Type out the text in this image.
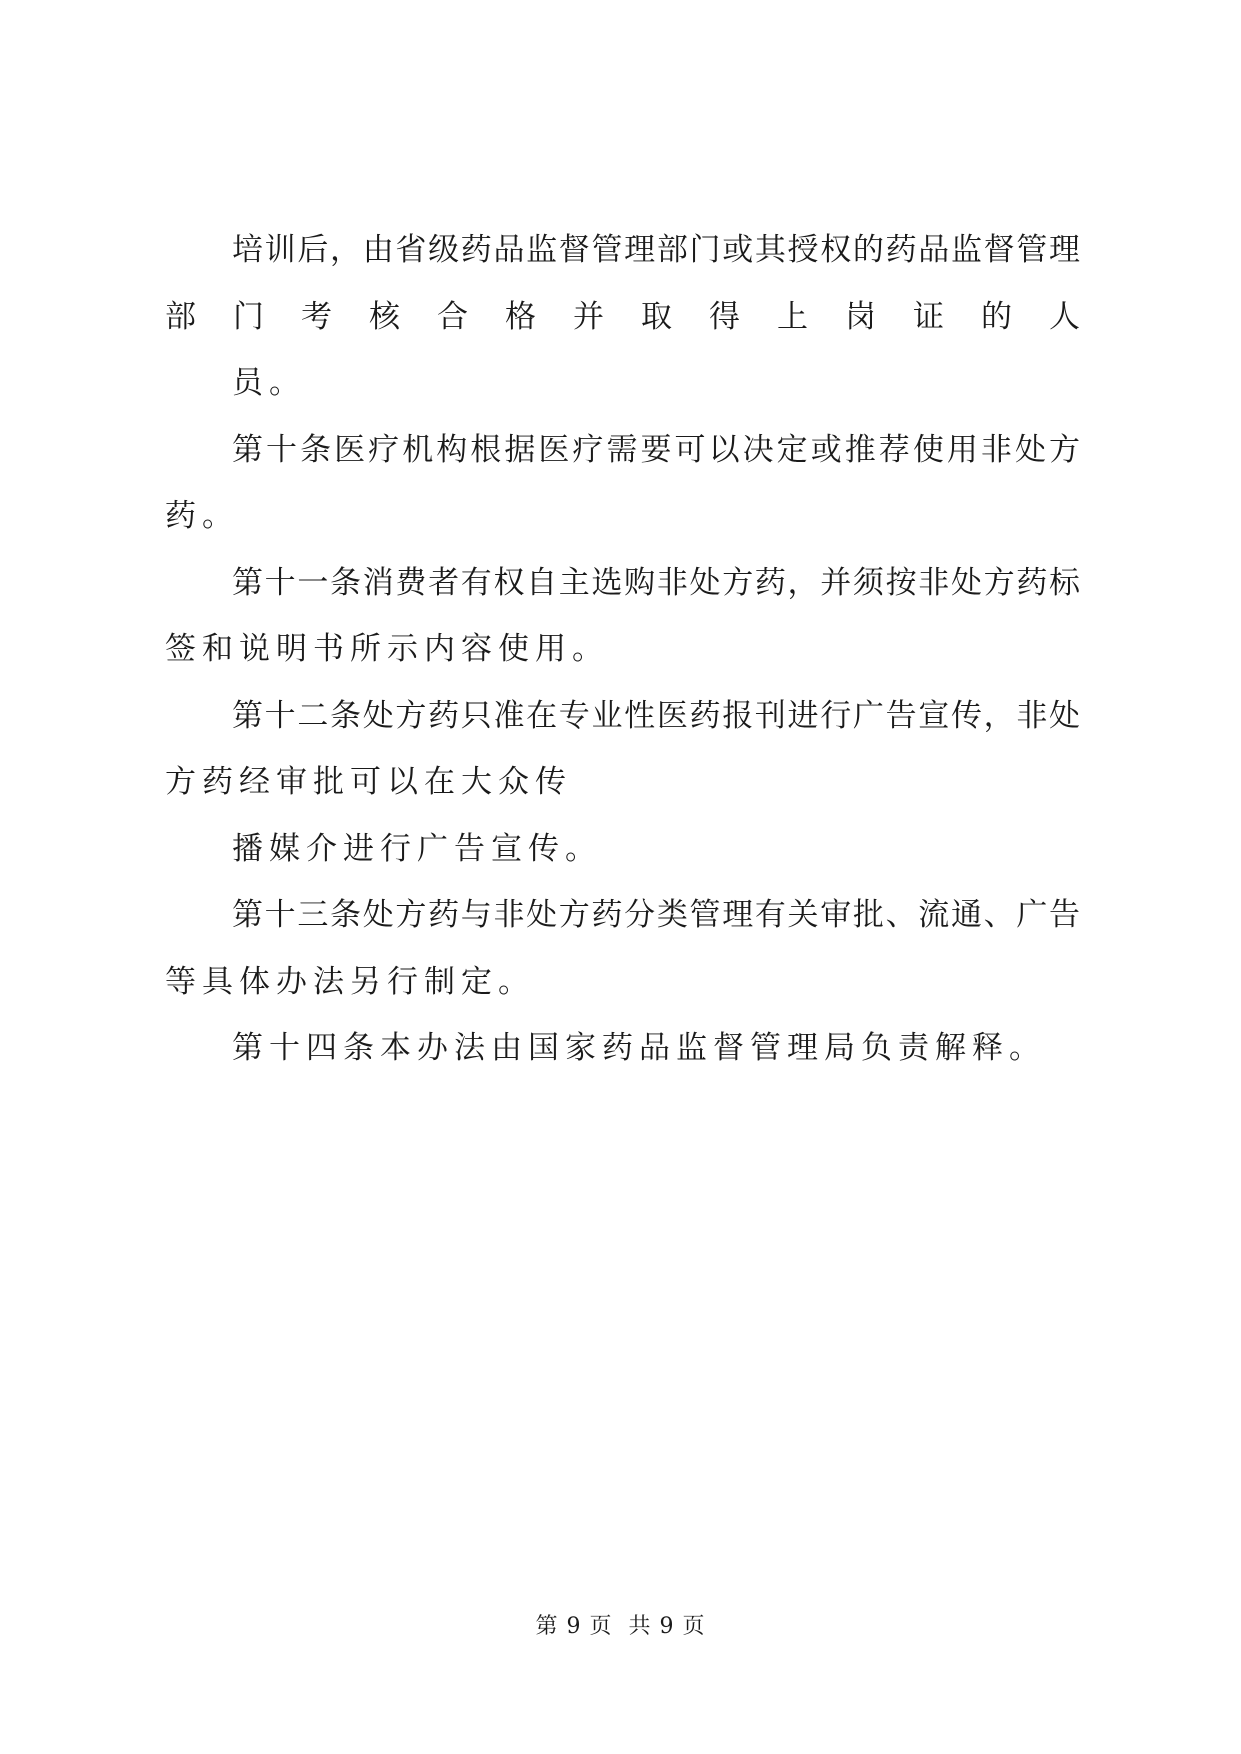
培训后，由省级药品监督管理部门或其授权的药品监督管理
部门考核合格并取得上岗证的人
员。
第十条医疗机构根据医疗需要可以决定或推荐使用非处方
药。
第十一条消费者有权自主选购非处方药，并须按非处方药标
签和说明书所示内容使用。
第十二条处方药只准在专业性医药报刊进行广告宣传，非处
方药经审批可以在大众传
播媒介进行广告宣传。
第十三条处方药与非处方药分类管理有关审批、流通、广告
等具体办法另行制定。
第十四条本办法由国家药品监督管理局负责解释。
第 9 页  共 9 页
